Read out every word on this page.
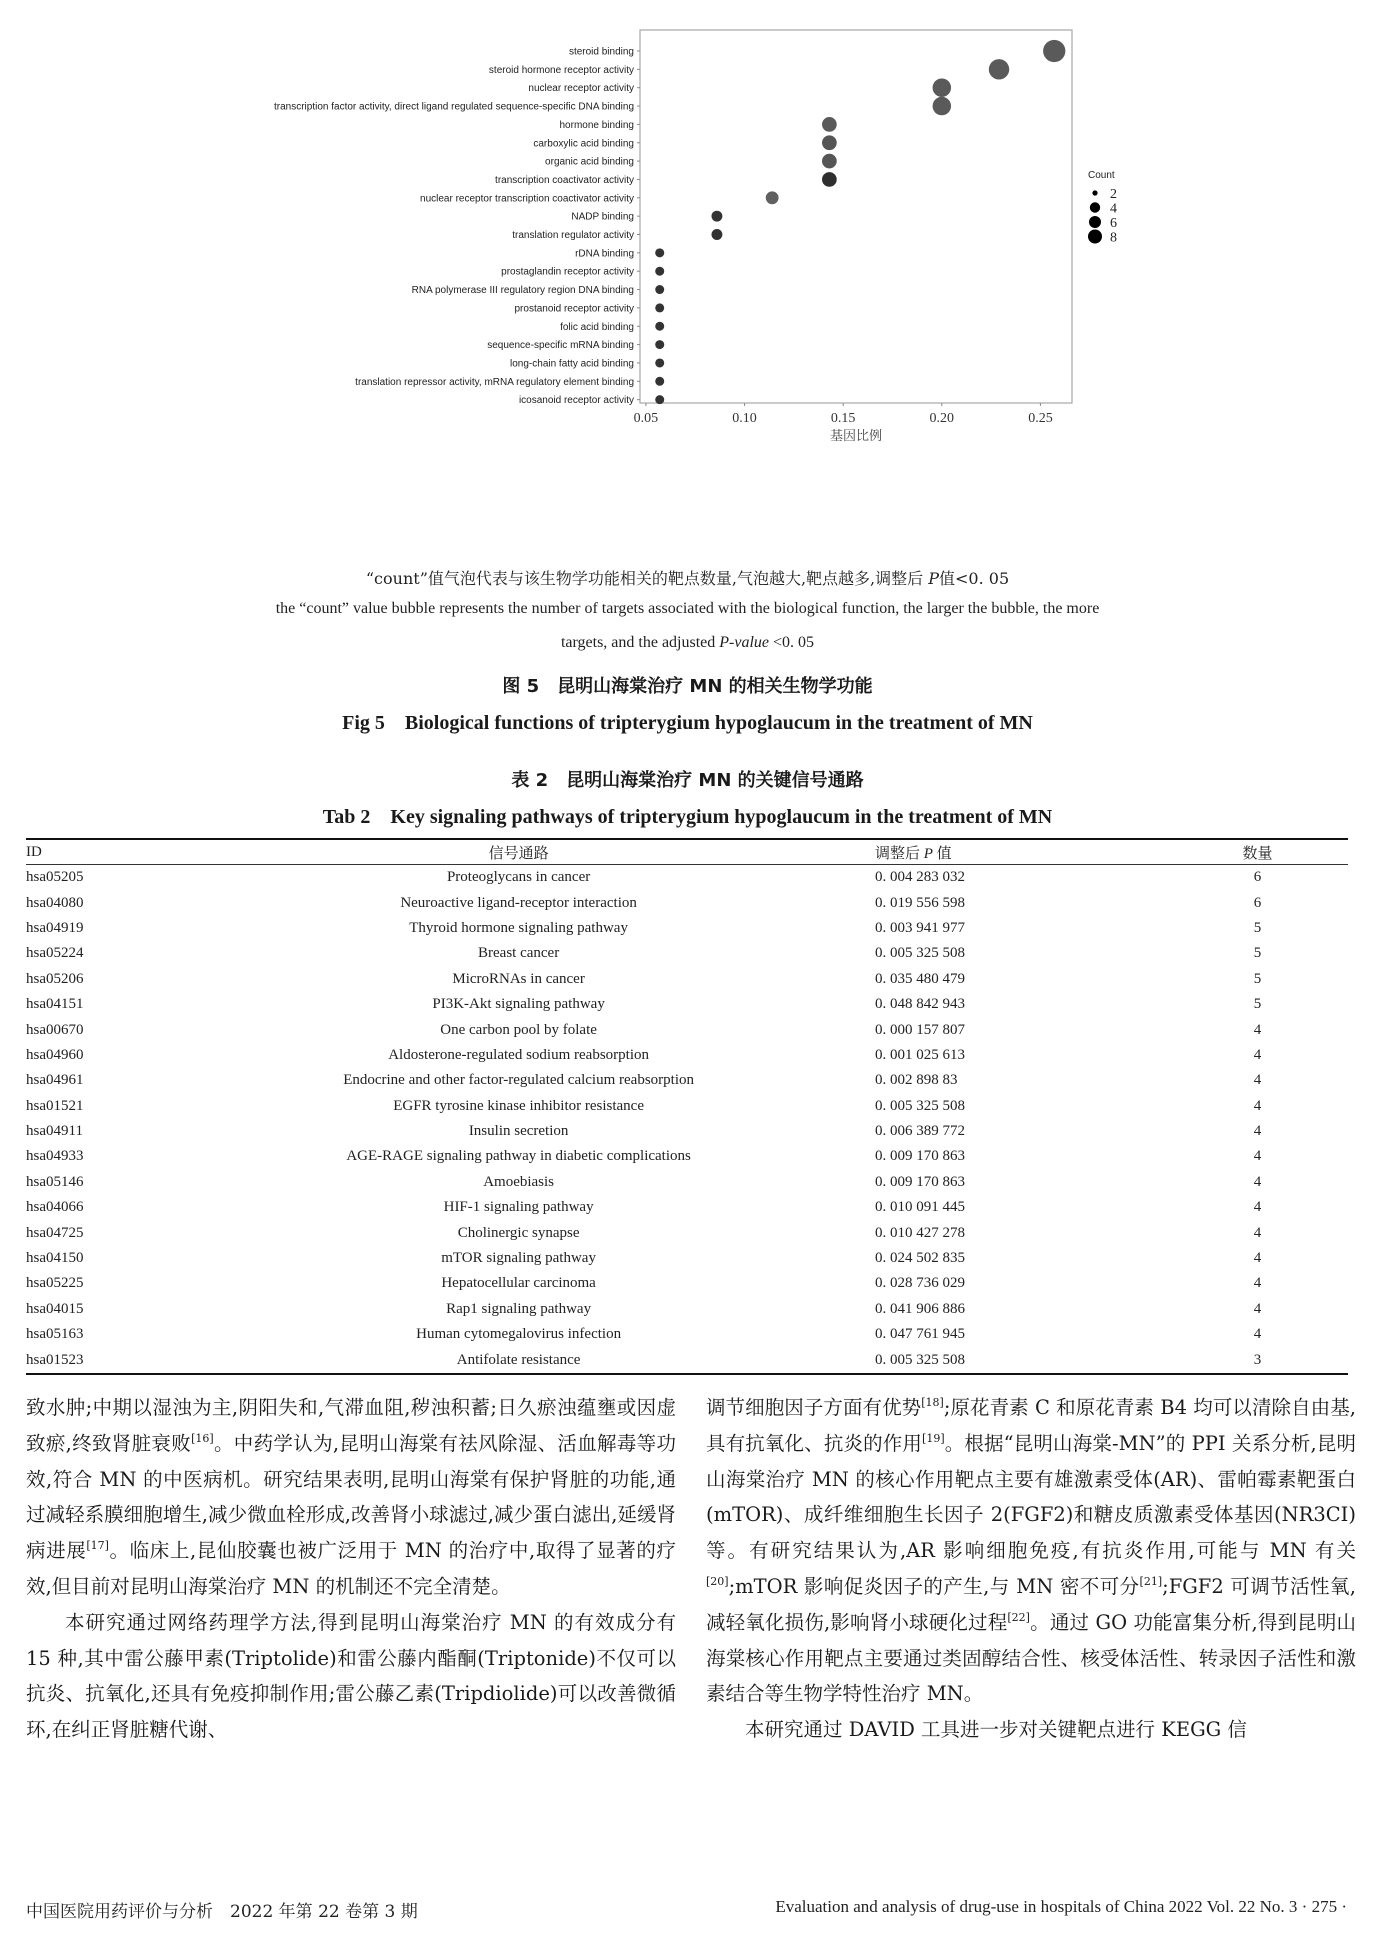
steroid binding
steroid hormone receptor activity
nuclear receptor activity
transcription factor activity, direct ligand regulated sequence-specific DNA binding
hormone binding
carboxylic acid binding
organic acid binding
transcription coactivator activity
nuclear receptor transcription coactivator activity
NADP binding
translation regulator activity
rDNA binding
prostaglandin receptor activity
RNA polymerase III regulatory region DNA binding
prostanoid receptor activity
folic acid binding
sequence-specific mRNA binding
long-chain fatty acid binding
translation repressor activity, mRNA regulatory element binding
icosanoid receptor activity
0.05	0.10	0.15	0.20	0.25
基因比例
Count
2
4
6
8
“count”值气泡代表与该生物学功能相关的靶点数量,气泡越大,靶点越多,调整后 P值<0. 05
the “count” value bubble represents the number of targets associated with the biological function, the larger the bubble, the more
targets, and the adjusted P-value <0. 05
图 5　昆明山海棠治疗 MN 的相关生物学功能
Fig 5　Biological functions of tripterygium hypoglaucum in the treatment of MN
表 2　昆明山海棠治疗 MN 的关键信号通路
Tab 2　Key signaling pathways of tripterygium hypoglaucum in the treatment of MN
ID	信号通路	调整后 P 值	数量
hsa05205	Proteoglycans in cancer	0. 004 283 032	6
hsa04080	Neuroactive ligand-receptor interaction	0. 019 556 598	6
hsa04919	Thyroid hormone signaling pathway	0. 003 941 977	5
hsa05224	Breast cancer	0. 005 325 508	5
hsa05206	MicroRNAs in cancer	0. 035 480 479	5
hsa04151	PI3K-Akt signaling pathway	0. 048 842 943	5
hsa00670	One carbon pool by folate	0. 000 157 807	4
hsa04960	Aldosterone-regulated sodium reabsorption	0. 001 025 613	4
hsa04961	Endocrine and other factor-regulated calcium reabsorption	0. 002 898 83	4
hsa01521	EGFR tyrosine kinase inhibitor resistance	0. 005 325 508	4
hsa04911	Insulin secretion	0. 006 389 772	4
hsa04933	AGE-RAGE signaling pathway in diabetic complications	0. 009 170 863	4
hsa05146	Amoebiasis	0. 009 170 863	4
hsa04066	HIF-1 signaling pathway	0. 010 091 445	4
hsa04725	Cholinergic synapse	0. 010 427 278	4
hsa04150	mTOR signaling pathway	0. 024 502 835	4
hsa05225	Hepatocellular carcinoma	0. 028 736 029	4
hsa04015	Rap1 signaling pathway	0. 041 906 886	4
hsa05163	Human cytomegalovirus infection	0. 047 761 945	4
hsa01523	Antifolate resistance	0. 005 325 508	3

致水肿;中期以湿浊为主,阴阳失和,气滞血阻,秽浊积蓄;日久瘀浊蕴壅或因虚致瘀,终致肾脏衰败[16]。中药学认为,昆明山海棠有祛风除湿、活血解毒等功效,符合 MN 的中医病机。研究结果表明,昆明山海棠有保护肾脏的功能,通过减轻系膜细胞增生,减少微血栓形成,改善肾小球滤过,减少蛋白滤出,延缓肾病进展[17]。临床上,昆仙胶囊也被广泛用于 MN 的治疗中,取得了显著的疗效,但目前对昆明山海棠治疗 MN 的机制还不完全清楚。

本研究通过网络药理学方法,得到昆明山海棠治疗 MN 的有效成分有 15 种,其中雷公藤甲素(Triptolide)和雷公藤内酯酮(Triptonide)不仅可以抗炎、抗氧化,还具有免疫抑制作用;雷公藤乙素(Tripdiolide)可以改善微循环,在纠正肾脏糖代谢、

调节细胞因子方面有优势[18];原花青素 C 和原花青素 B4 均可以清除自由基,具有抗氧化、抗炎的作用[19]。根据“昆明山海棠-MN”的 PPI 关系分析,昆明山海棠治疗 MN 的核心作用靶点主要有雄激素受体(AR)、雷帕霉素靶蛋白(mTOR)、成纤维细胞生长因子 2(FGF2)和糖皮质激素受体基因(NR3CI)等。有研究结果认为,AR 影响细胞免疫,有抗炎作用,可能与 MN 有关[20];mTOR 影响促炎因子的产生,与 MN 密不可分[21];FGF2 可调节活性氧,减轻氧化损伤,影响肾小球硬化过程[22]。通过 GO 功能富集分析,得到昆明山海棠核心作用靶点主要通过类固醇结合性、核受体活性、转录因子活性和激素结合等生物学特性治疗 MN。

本研究通过 DAVID 工具进一步对关键靶点进行 KEGG 信

中国医院用药评价与分析　2022 年第 22 卷第 3 期	Evaluation and analysis of drug-use in hospitals of China 2022 Vol. 22 No. 3 · 275 ·
